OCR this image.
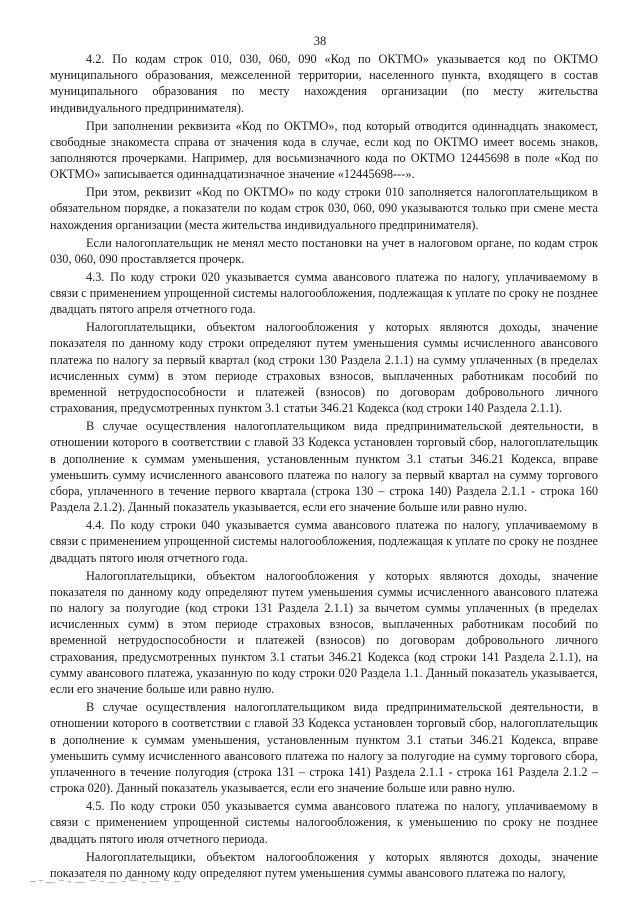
38

4.2. По кодам строк 010, 030, 060, 090 «Код по ОКТМО» указывается код по ОКТМО муниципального образования, межселенной территории, населенного пункта, входящего в состав муниципального образования по месту нахождения организации (по месту жительства индивидуального предпринимателя).

При заполнении реквизита «Код по ОКТМО», под который отводится одиннадцать знакомест, свободные знакоместа справа от значения кода в случае, если код по ОКТМО имеет восемь знаков, заполняются прочерками. Например, для восьмизначного кода по ОКТМО 12445698 в поле «Код по ОКТМО» записывается одиннадцатизначное значение «12445698---».

При этом, реквизит «Код по ОКТМО» по коду строки 010 заполняется налогоплательщиком в обязательном порядке, а показатели по кодам строк 030, 060, 090 указываются только при смене места нахождения организации (места жительства индивидуального предпринимателя).

Если налогоплательщик не менял место постановки на учет в налоговом органе, по кодам строк 030, 060, 090 проставляется прочерк.

4.3. По коду строки 020 указывается сумма авансового платежа по налогу, уплачиваемому в связи с применением упрощенной системы налогообложения, подлежащая к уплате по сроку не позднее двадцать пятого апреля отчетного года.

Налогоплательщики, объектом налогообложения у которых являются доходы, значение показателя по данному коду строки определяют путем уменьшения суммы исчисленного авансового платежа по налогу за первый квартал (код строки 130 Раздела 2.1.1) на сумму уплаченных (в пределах исчисленных сумм) в этом периоде страховых взносов, выплаченных работникам пособий по временной нетрудоспособности и платежей (взносов) по договорам добровольного личного страхования, предусмотренных пунктом 3.1 статьи 346.21 Кодекса (код строки 140 Раздела 2.1.1).

В случае осуществления налогоплательщиком вида предпринимательской деятельности, в отношении которого в соответствии с главой 33 Кодекса установлен торговый сбор, налогоплательщик в дополнение к суммам уменьшения, установленным пунктом 3.1 статьи 346.21 Кодекса, вправе уменьшить сумму исчисленного авансового платежа по налогу за первый квартал на сумму торгового сбора, уплаченного в течение первого квартала (строка 130 – строка 140) Раздела 2.1.1 - строка 160 Раздела 2.1.2). Данный показатель указывается, если его значение больше или равно нулю.

4.4. По коду строки 040 указывается сумма авансового платежа по налогу, уплачиваемому в связи с применением упрощенной системы налогообложения, подлежащая к уплате по сроку не позднее двадцать пятого июля отчетного года.

Налогоплательщики, объектом налогообложения у которых являются доходы, значение показателя по данному коду определяют путем уменьшения суммы исчисленного авансового платежа по налогу за полугодие (код строки 131 Раздела 2.1.1) за вычетом суммы уплаченных (в пределах исчисленных сумм) в этом периоде страховых взносов, выплаченных работникам пособий по временной нетрудоспособности и платежей (взносов) по договорам добровольного личного страхования, предусмотренных пунктом 3.1 статьи 346.21 Кодекса (код строки 141 Раздела 2.1.1), на сумму авансового платежа, указанную по коду строки 020 Раздела 1.1. Данный показатель указывается, если его значение больше или равно нулю.

В случае осуществления налогоплательщиком вида предпринимательской деятельности, в отношении которого в соответствии с главой 33 Кодекса установлен торговый сбор, налогоплательщик в дополнение к суммам уменьшения, установленным пунктом 3.1 статьи 346.21 Кодекса, вправе уменьшить сумму исчисленного авансового платежа по налогу за полугодие на сумму торгового сбора, уплаченного в течение полугодия (строка 131 – строка 141) Раздела 2.1.1 - строка 161 Раздела 2.1.2 – строка 020). Данный показатель указывается, если его значение больше или равно нулю.

4.5. По коду строки 050 указывается сумма авансового платежа по налогу, уплачиваемому в связи с применением упрощенной системы налогообложения, к уменьшению по сроку не позднее двадцать пятого июля отчетного периода.

Налогоплательщики, объектом налогообложения у которых являются доходы, значение показателя по данному коду определяют путем уменьшения суммы авансового платежа по налогу,
